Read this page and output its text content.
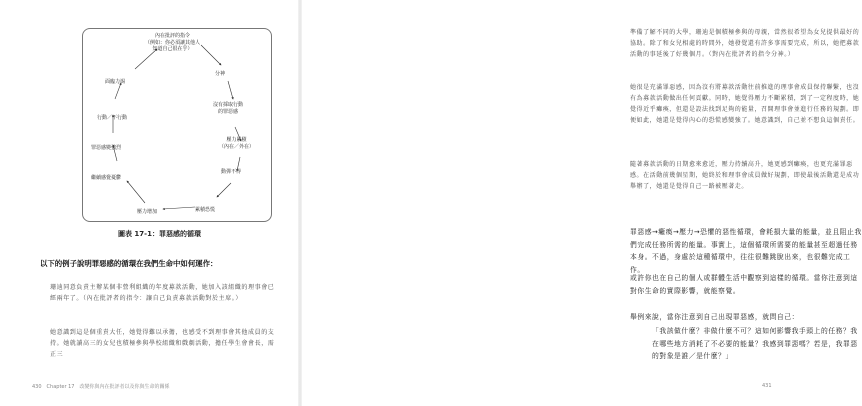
內在批評的指令
（例如：你必須讓其他人
知道自己很在乎）
分神
沒有採取行動
的罪惡感
壓力累積
（內在／外在）
動彈不得
累積恐慌
壓力增加
繼續感覺憂鬱
罪惡感變強烈
行動／不行動
面臨力竭
圖表 17-1：罪惡感的循環
以下的例子說明罪惡感的循環在我們生命中如何運作：
珊迪同意負責主辦某個非營利組織的年度募款活動，她加入該組織的理事會已經兩年了。（內在批評者的指令：讓自己負責募款活動對於主席。）
她意識到這是個重責大任，她覺得難以承擔，也感受不到理事會其他成員的支持。她就讀高三的女兒也積極參與學校組織和戲劇活動，擔任學生會會長，需正三
430　Chapter 17　改變你與內在批評者以及你與生命的關係
準備了解不同的大學，珊迪是個積極參與的母親，當然很希望為女兒提供最好的協助。除了和女兒相處的時間外，她發覺還有許多事需要完成，所以，她把募款活動的事延後了好幾個月。（對內在批評者的指令分神。）
她很是充滿罪惡感，因為沒有將募款活動往前推進的理事會成員保持聯繫，也沒有為募款活動做出任何貢獻。同時，她覺得壓力不斷累積，到了一定程度時，她覺得近乎癱瘓，但還是設法找到足夠的能量，召開理事會並進行任務的規劃。即便如此，她還是覺得內心的恐慌感變強了。她意識到，自己並不想負這個責任。
隨著募款活動的日期愈來愈近，壓力持續高升，她更感到癱瘓，也更充滿罪惡感。在活動前幾個星期，她終於和理事會成員做好規劃，即使最後活動還是成功舉辦了，她還是覺得自己一路被壓著走。
罪惡感→癱瘓→壓力→恐懼的惡性循環，會耗損大量的能量，並且阻止我們完成任務所需的能量。事實上，這個循環所需要的能量甚至超過任務本身。不過，身處於這種循環中，往往很難跳脫出來，也很難完成工作。
或許你也在自己的個人或群體生活中觀察到這樣的循環。當你注意到這對你生命的實際影響，就能察覺。
舉例來說，當你注意到自己出現罪惡感，就問自己：
「我該做什麼？非做什麼不可？這如何影響我手頭上的任務？我在哪些地方消耗了不必要的能量？我感到罪惡嗎？若是，我罪惡的對象是誰／是什麼？」
431
